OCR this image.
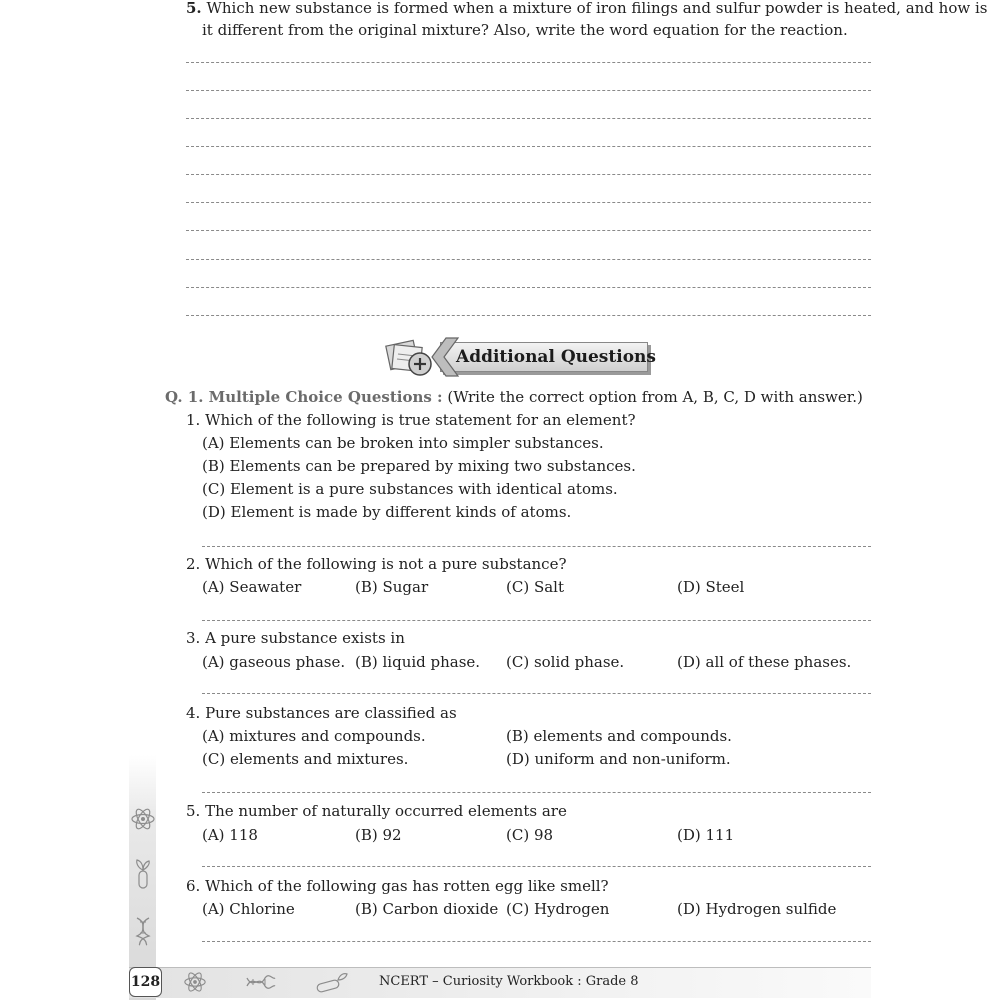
5. Which new substance is formed when a mixture of iron filings and sulfur powder is heated, and how is
it different from the original mixture? Also, write the word equation for the reaction.
Additional Questions
Q. 1. Multiple Choice Questions : (Write the correct option from A, B, C, D with answer.)
1. Which of the following is true statement for an element?
(A) Elements can be broken into simpler substances.
(B) Elements can be prepared by mixing two substances.
(C) Element is a pure substances with identical atoms.
(D) Element is made by different kinds of atoms.
2. Which of the following is not a pure substance?
(A) Seawater	(B) Sugar	(C) Salt	(D) Steel
3. A pure substance exists in
(A) gaseous phase. (B) liquid phase. (C) solid phase.	(D) all of these phases.
4. Pure substances are classified as
(A) mixtures and compounds.	(B) elements and compounds.
(C) elements and mixtures.	(D) uniform and non-uniform.
5. The number of naturally occurred elements are
(A) 118	(B) 92	(C) 98	(D) 111
6. Which of the following gas has rotten egg like smell?
(A) Chlorine	(B) Carbon dioxide (C) Hydrogen	(D) Hydrogen sulfide
128	NCERT – Curiosity Workbook : Grade 8
